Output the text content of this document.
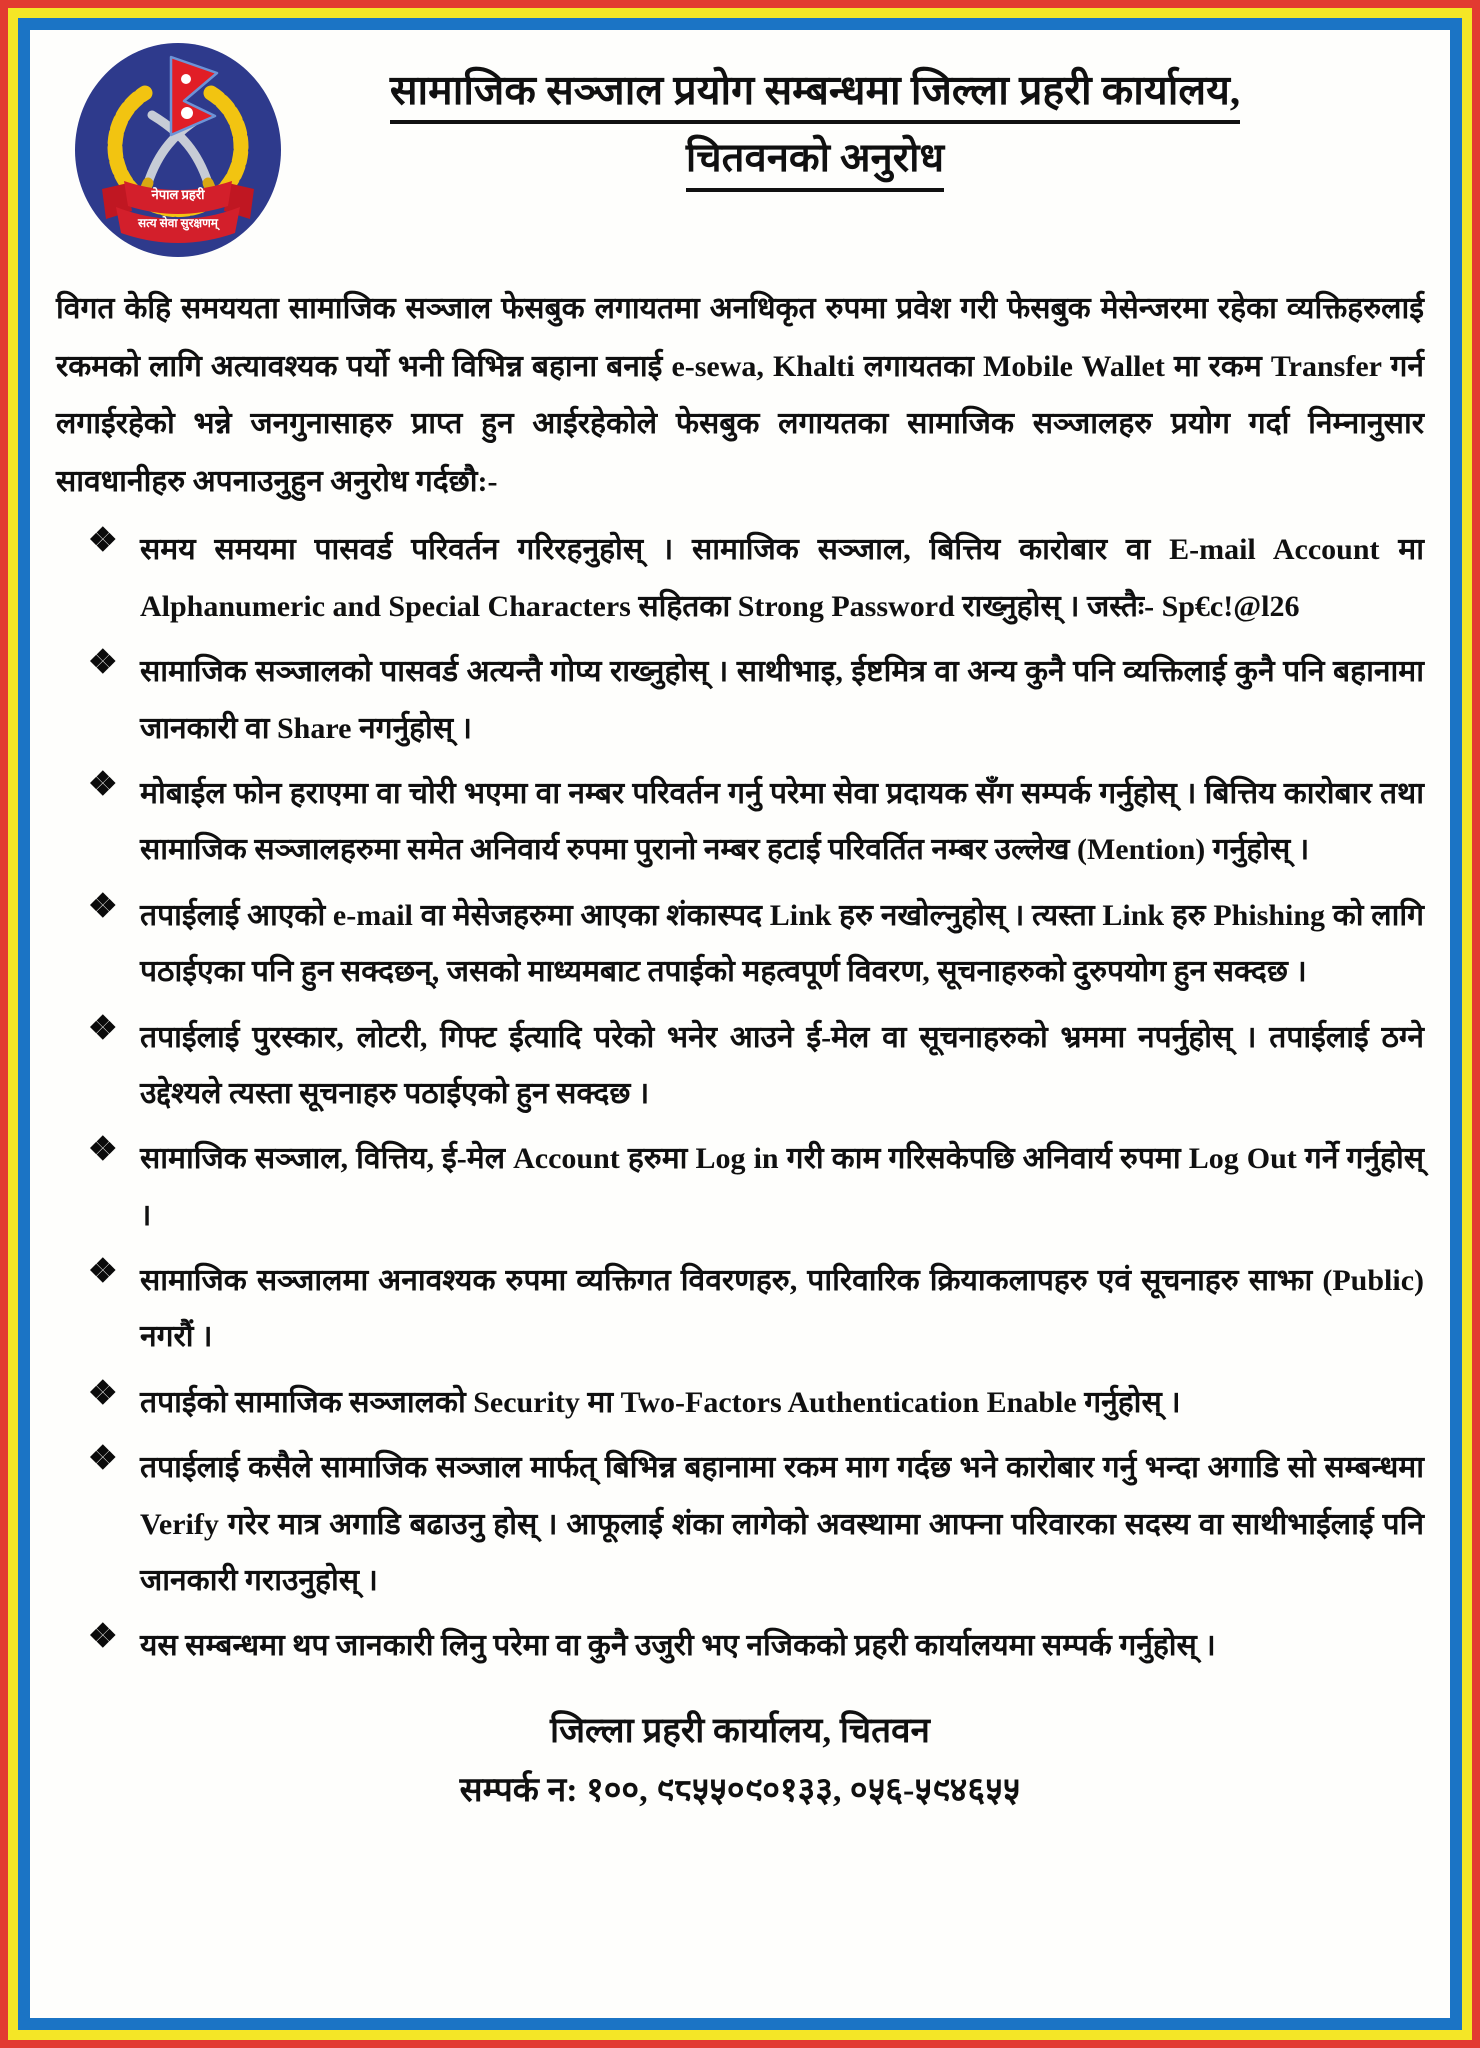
नेपाल प्रहरी
सत्य सेवा सुरक्षणम्
सामाजिक सञ्जाल प्रयोग सम्बन्धमा जिल्ला प्रहरी कार्यालय,
चितवनको अनुरोध

विगत केहि समययता सामाजिक सञ्जाल फेसबुक लगायतमा अनधिकृत रुपमा प्रवेश गरी फेसबुक मेसेन्जरमा रहेका व्यक्तिहरुलाई रकमको लागि अत्यावश्यक पर्यो भनी विभिन्न बहाना बनाई e-sewa, Khalti लगायतका Mobile Wallet मा रकम Transfer गर्न लगाईरहेको भन्ने जनगुनासाहरु प्राप्त हुन आईरहेकोले फेसबुक लगायतका सामाजिक सञ्जालहरु प्रयोग गर्दा निम्नानुसार सावधानीहरु अपनाउनुहुन अनुरोध गर्दछौ:-

❖ समय समयमा पासवर्ड परिवर्तन गरिरहनुहोस् । सामाजिक सञ्जाल, बित्तिय कारोबार वा E-mail Account मा Alphanumeric and Special Characters सहितका Strong Password राख्नुहोस् । जस्तैः- Sp€c!@l26
❖ सामाजिक सञ्जालको पासवर्ड अत्यन्तै गोप्य राख्नुहोस् । साथीभाइ, ईष्टमित्र वा अन्य कुनै पनि व्यक्तिलाई कुनै पनि बहानामा जानकारी वा Share नगर्नुहोस् ।
❖ मोबाईल फोन हराएमा वा चोरी भएमा वा नम्बर परिवर्तन गर्नु परेमा सेवा प्रदायक सँग सम्पर्क गर्नुहोस् । बित्तिय कारोबार तथा सामाजिक सञ्जालहरुमा समेत अनिवार्य रुपमा पुरानो नम्बर हटाई परिवर्तित नम्बर उल्लेख (Mention) गर्नुहोस् ।
❖ तपाईलाई आएको e-mail वा मेसेजहरुमा आएका शंकास्पद Link हरु नखोल्नुहोस् । त्यस्ता Link हरु Phishing को लागि पठाईएका पनि हुन सक्दछन्, जसको माध्यमबाट तपाईको महत्वपूर्ण विवरण, सूचनाहरुको दुरुपयोग हुन सक्दछ ।
❖ तपाईलाई पुरस्कार, लोटरी, गिफ्ट ईत्यादि परेको भनेर आउने ई-मेल वा सूचनाहरुको भ्रममा नपर्नुहोस् । तपाईलाई ठग्ने उद्देश्यले त्यस्ता सूचनाहरु पठाईएको हुन सक्दछ ।
❖ सामाजिक सञ्जाल, वित्तिय, ई-मेल Account हरुमा Log in गरी काम गरिसकेपछि अनिवार्य रुपमा Log Out गर्ने गर्नुहोस् ।
❖ सामाजिक सञ्जालमा अनावश्यक रुपमा व्यक्तिगत विवरणहरु, पारिवारिक क्रियाकलापहरु एवं सूचनाहरु साझा (Public) नगरौं ।
❖ तपाईको सामाजिक सञ्जालको Security मा Two-Factors Authentication Enable गर्नुहोस् ।
❖ तपाईलाई कसैले सामाजिक सञ्जाल मार्फत् बिभिन्न बहानामा रकम माग गर्दछ भने कारोबार गर्नु भन्दा अगाडि सो सम्बन्धमा Verify गरेर मात्र अगाडि बढाउनु होस् । आफूलाई शंका लागेको अवस्थामा आफ्ना परिवारका सदस्य वा साथीभाईलाई पनि जानकारी गराउनुहोस् ।
❖ यस सम्बन्धमा थप जानकारी लिनु परेमा वा कुनै उजुरी भए नजिकको प्रहरी कार्यालयमा सम्पर्क गर्नुहोस् ।
जिल्ला प्रहरी कार्यालय, चितवन
सम्पर्क न: १००, ९८५५०९०१३३, ०५६-५९४६५५
